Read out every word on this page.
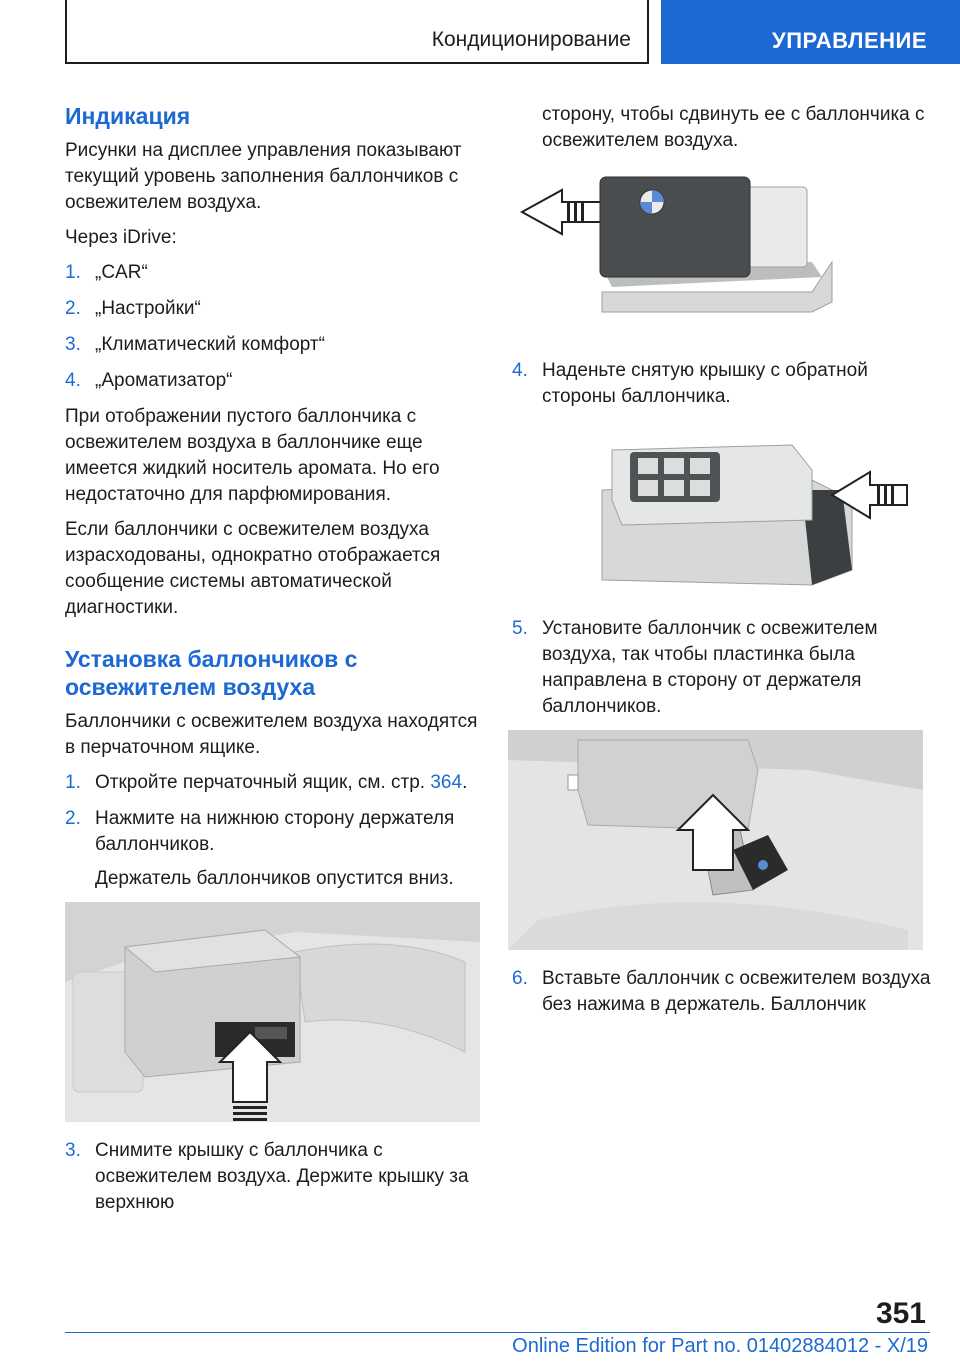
Кондиционирование	УПРАВЛЕНИЕ
Индикация

Рисунки на дисплее управления показывают текущий уровень заполнения баллончиков с освежителем воздуха.

Через iDrive:

1. „CAR“
2. „Настройки“
3. „Климатический комфорт“
4. „Ароматизатор“

При отображении пустого баллончика с освежителем воздуха в баллончике еще имеется жидкий носитель аромата. Но его недостаточно для парфюмирования.

Если баллончики с освежителем воздуха израсходованы, однократно отображается сообщение системы автоматической диагностики.

Установка баллончиков с освежителем воздуха

Баллончики с освежителем воздуха находятся в перчаточном ящике.

1. Откройте перчаточный ящик, см. стр. 364.
2. Нажмите на нижнюю сторону держателя баллончиков.
Держатель баллончиков опустится вниз.
3. Снимите крышку с баллончика с освежителем воздуха. Держите крышку за верхнюю

сторону, чтобы сдвинуть ее с баллончика с освежителем воздуха.

4. Наденьте снятую крышку с обратной стороны баллончика.
5. Установите баллончик с освежителем воздуха, так чтобы пластинка была направлена в сторону от держателя баллончиков.
6. Вставьте баллончик с освежителем воздуха без нажима в держатель. Баллончик
351
Online Edition for Part no. 01402884012 - X/19
